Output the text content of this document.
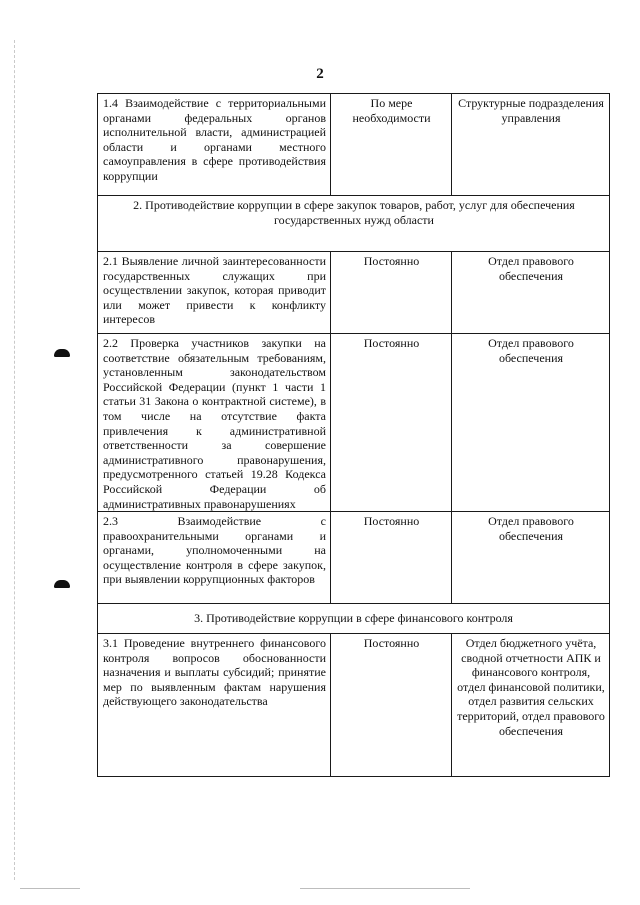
2
1.4 Взаимодействие с территориальными органами федеральных органов исполнительной власти, администрацией области и органами местного самоуправления в сфере противодействия коррупции	По мере необходимости	Структурные подразделения управления
2. Противодействие коррупции в сфере закупок товаров, работ, услуг для обеспечения государственных нужд области		
2.1 Выявление личной заинтересованности государственных служащих при осуществлении закупок, которая приводит или может привести к конфликту интересов	Постоянно	Отдел правового обеспечения

2.2 Проверка участников закупки на соответствие обязательным требованиям, установленным законодательством Российской Федерации (пункт 1 части 1 статьи 31 Закона о контрактной системе), в том числе на отсутствие факта привлечения к административной ответственности за совершение административного правонарушения, предусмотренного статьей 19.28 Кодекса Российской Федерации об административных правонарушениях	Постоянно	Отдел правового обеспечения
2.3 Взаимодействие с правоохранительными органами и органами, уполномоченными на осуществление контроля в сфере закупок, при выявлении коррупционных факторов	Постоянно	Отдел правового обеспечения
3. Противодействие коррупции в сфере финансового контроля		
3.1 Проведение внутреннего финансового контроля вопросов обоснованности назначения и выплаты субсидий; принятие мер по выявленным фактам нарушения действующего законодательства	Постоянно	Отдел бюджетного учёта, сводной отчетности АПК и финансового контроля, отдел финансовой политики, отдел развития сельских территорий, отдел правового обеспечения
